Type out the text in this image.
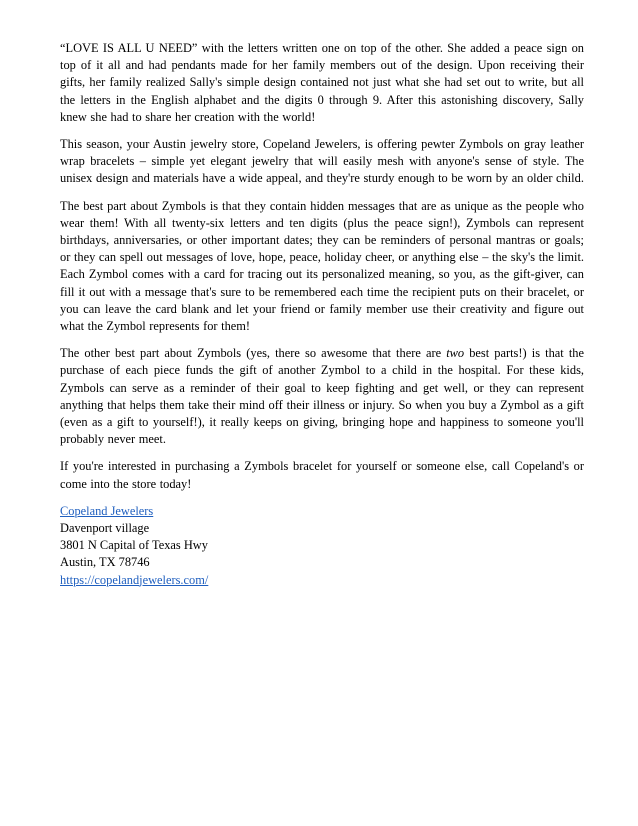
“LOVE IS ALL U NEED” with the letters written one on top of the other. She added a peace sign on top of it all and had pendants made for her family members out of the design. Upon receiving their gifts, her family realized Sally's simple design contained not just what she had set out to write, but all the letters in the English alphabet and the digits 0 through 9. After this astonishing discovery, Sally knew she had to share her creation with the world!

This season, your Austin jewelry store, Copeland Jewelers, is offering pewter Zymbols on gray leather wrap bracelets – simple yet elegant jewelry that will easily mesh with anyone's sense of style. The unisex design and materials have a wide appeal, and they're sturdy enough to be worn by an older child.

The best part about Zymbols is that they contain hidden messages that are as unique as the people who wear them! With all twenty-six letters and ten digits (plus the peace sign!), Zymbols can represent birthdays, anniversaries, or other important dates; they can be reminders of personal mantras or goals; or they can spell out messages of love, hope, peace, holiday cheer, or anything else – the sky's the limit. Each Zymbol comes with a card for tracing out its personalized meaning, so you, as the gift-giver, can fill it out with a message that's sure to be remembered each time the recipient puts on their bracelet, or you can leave the card blank and let your friend or family member use their creativity and figure out what the Zymbol represents for them!

The other best part about Zymbols (yes, there so awesome that there are two best parts!) is that the purchase of each piece funds the gift of another Zymbol to a child in the hospital. For these kids, Zymbols can serve as a reminder of their goal to keep fighting and get well, or they can represent anything that helps them take their mind off their illness or injury. So when you buy a Zymbol as a gift (even as a gift to yourself!), it really keeps on giving, bringing hope and happiness to someone you'll probably never meet.

If you're interested in purchasing a Zymbols bracelet for yourself or someone else, call Copeland's or come into the store today!

Copeland Jewelers
Davenport village
3801 N Capital of Texas Hwy
Austin, TX 78746
https://copelandjewelers.com/
